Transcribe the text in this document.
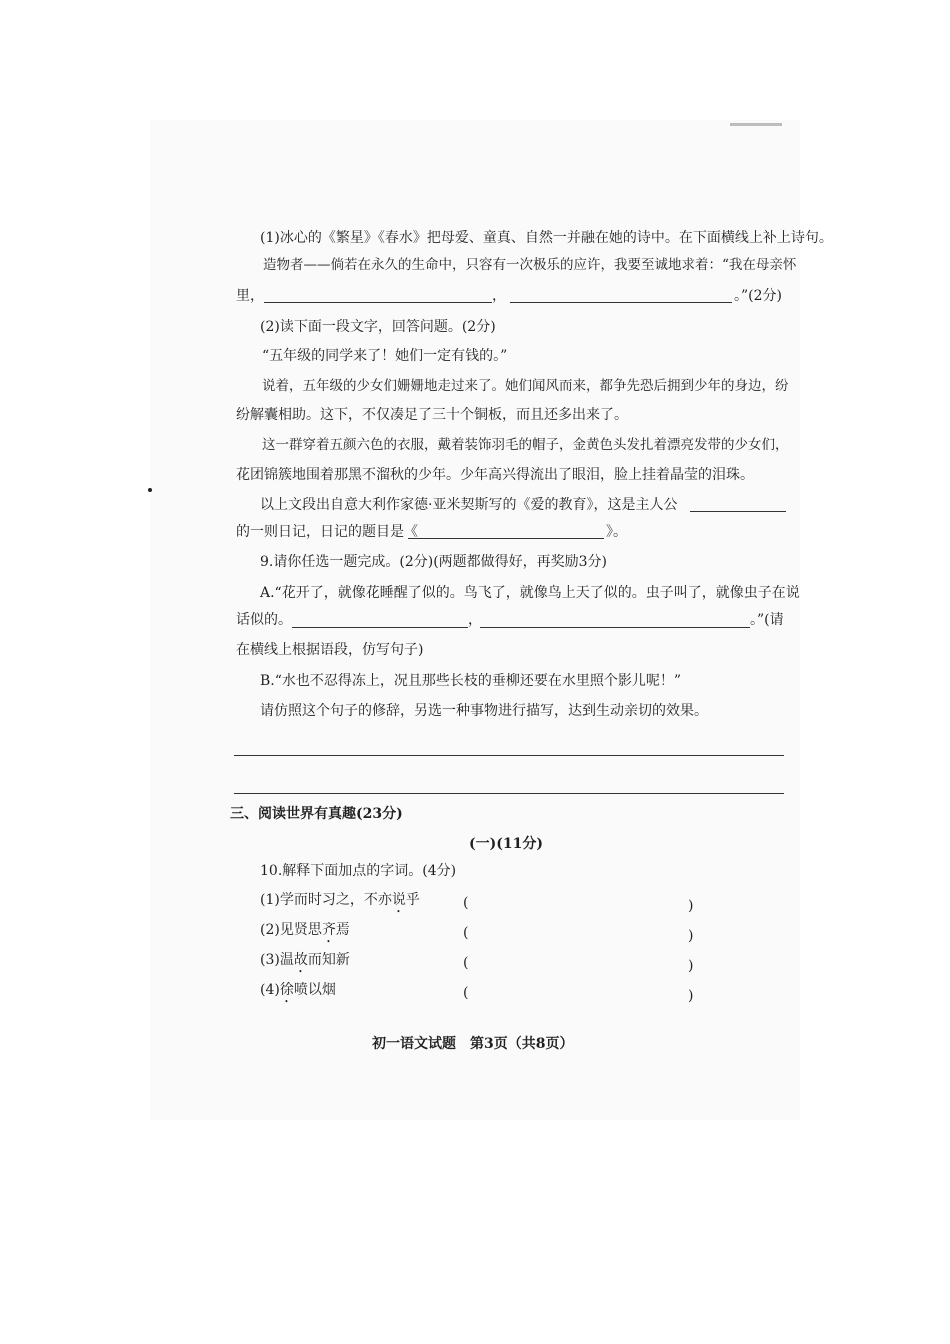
(1)冰心的《繁星》《春水》把母爱、童真、自然一并融在她的诗中。在下面横线上补上诗句。
造物者——倘若在永久的生命中，只容有一次极乐的应许，我要至诚地求着：“我在母亲怀
里，	，	。”(2分)
(2)读下面一段文字，回答问题。(2分)
“五年级的同学来了！她们一定有钱的。”
说着，五年级的少女们姗姗地走过来了。她们闻风而来，都争先恐后拥到少年的身边，纷
纷解囊相助。这下，不仅凑足了三十个铜板，而且还多出来了。
这一群穿着五颜六色的衣服，戴着装饰羽毛的帽子，金黄色头发扎着漂亮发带的少女们，
花团锦簇地围着那黑不溜秋的少年。少年高兴得流出了眼泪，脸上挂着晶莹的泪珠。
以上文段出自意大利作家德·亚米契斯写的《爱的教育》，这是主人公
的一则日记，日记的题目是《	》。
9.请你任选一题完成。(2分)(两题都做得好，再奖励3分)
A.“花开了，就像花睡醒了似的。鸟飞了，就像鸟上天了似的。虫子叫了，就像虫子在说
话似的。	，	。”(请
在横线上根据语段，仿写句子)
B.“水也不忍得冻上，况且那些长枝的垂柳还要在水里照个影儿呢！”
请仿照这个句子的修辞，另选一种事物进行描写，达到生动亲切的效果。
三、阅读世界有真趣(23分)
(一)(11分)
10.解释下面加点的字词。(4分)
(1)学而时习之，不亦说乎	(	)
(2)见贤思齐焉	(	)
(3)温故而知新	(	)
(4)徐喷以烟	(	)
初一语文试题　第3页（共8页）
